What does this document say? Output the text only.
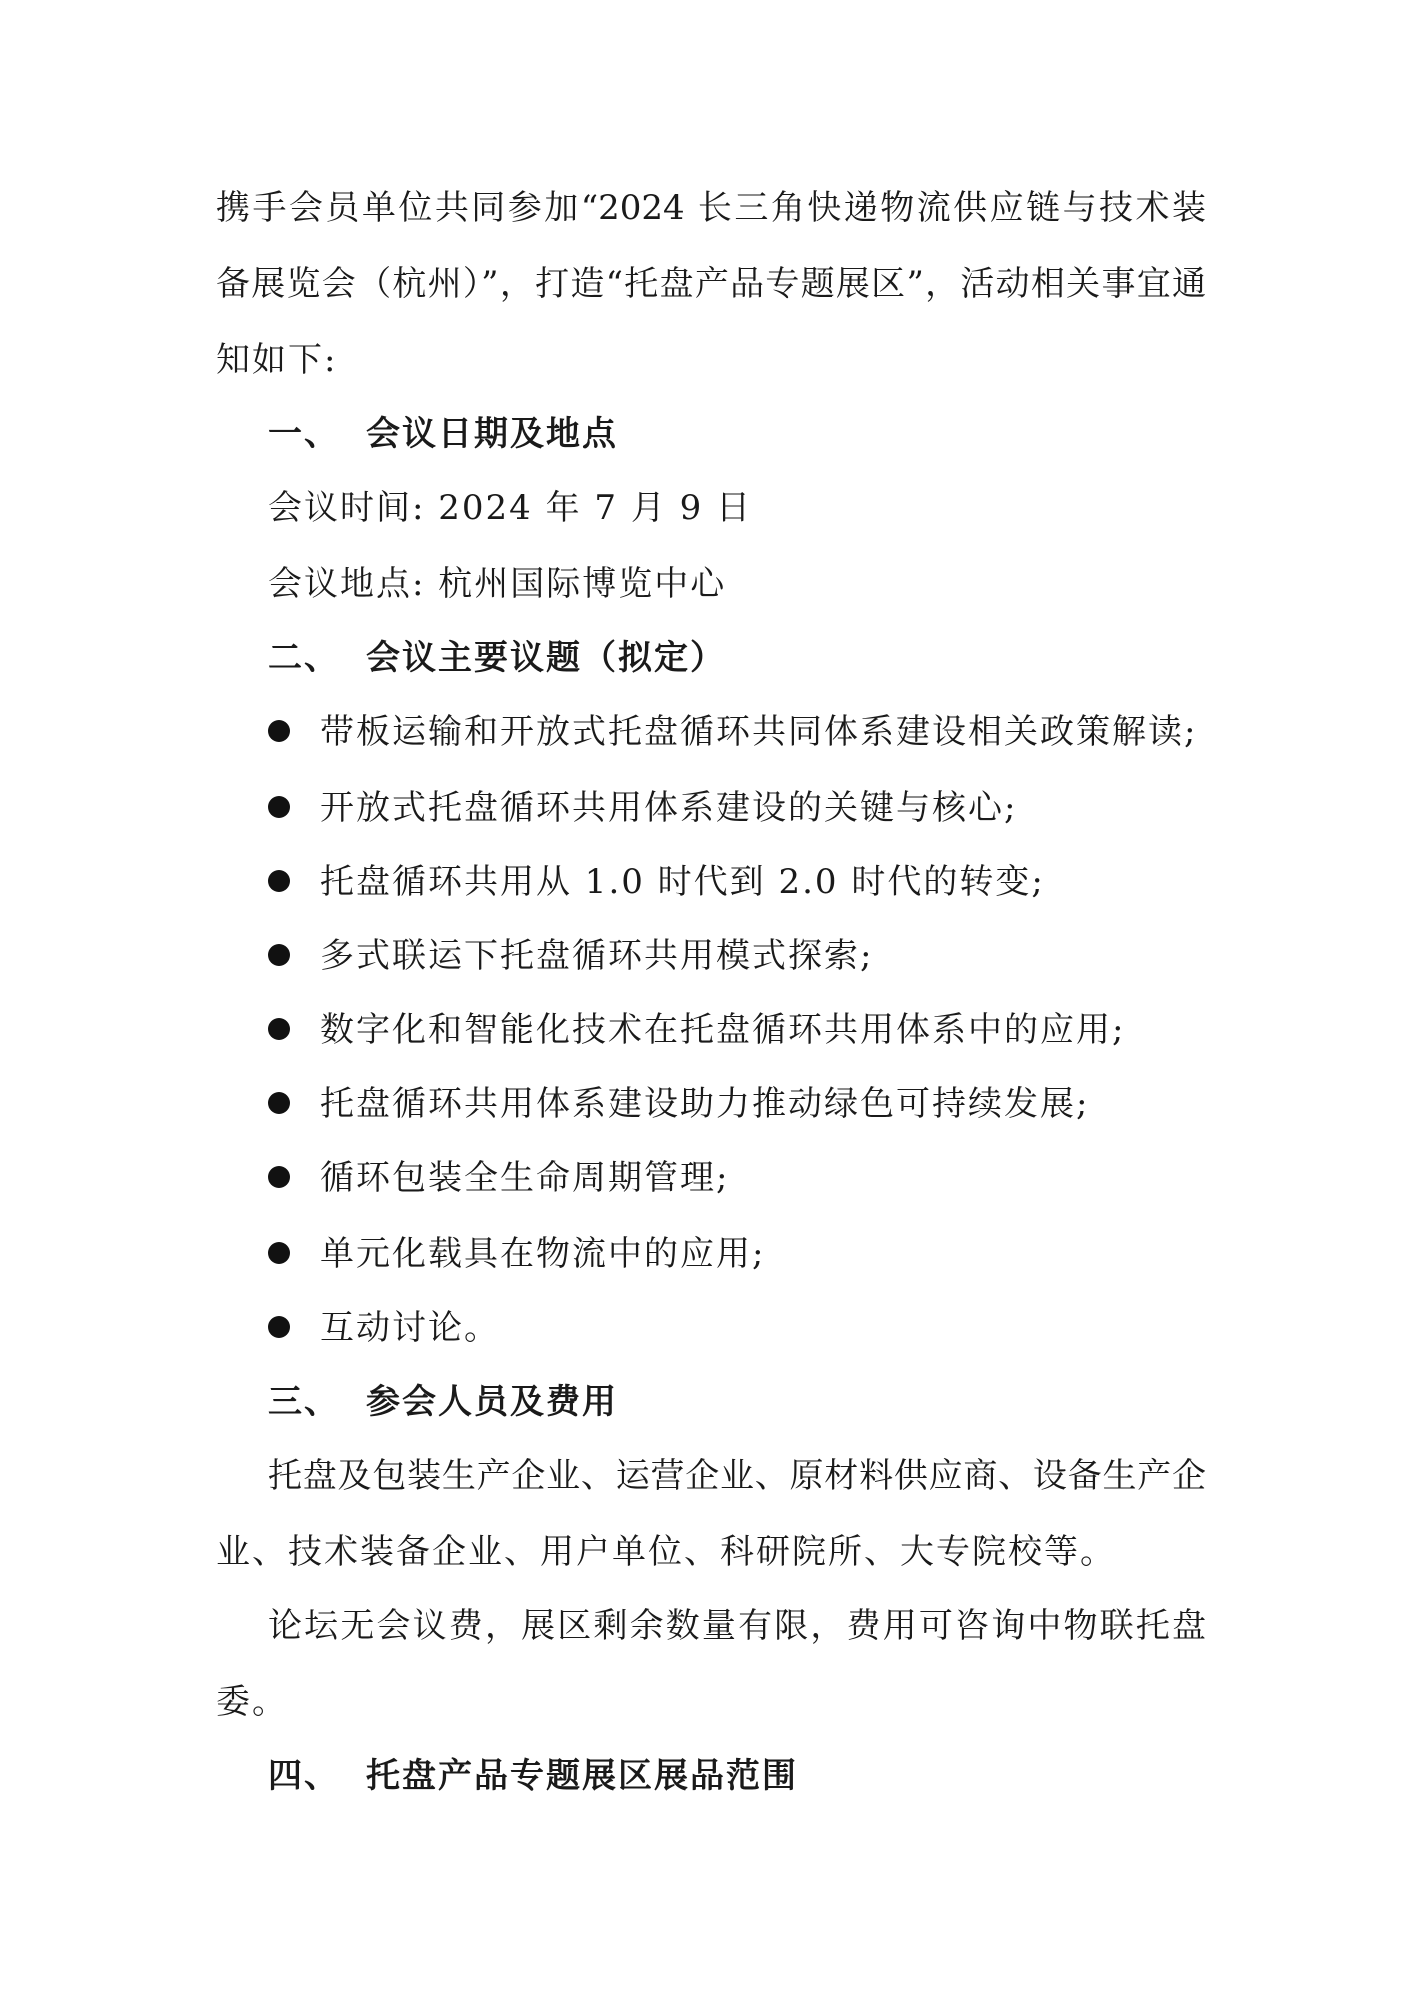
携手会员单位共同参加“2024 长三角快递物流供应链与技术装
备展览会（杭州）”，打造“托盘产品专题展区”，活动相关事宜通
知如下:
一、 会议日期及地点
会议时间: 2024 年 7 月 9 日
会议地点: 杭州国际博览中心
二、 会议主要议题（拟定）
带板运输和开放式托盘循环共同体系建设相关政策解读;
开放式托盘循环共用体系建设的关键与核心;
托盘循环共用从 1.0 时代到 2.0 时代的转变;
多式联运下托盘循环共用模式探索;
数字化和智能化技术在托盘循环共用体系中的应用;
托盘循环共用体系建设助力推动绿色可持续发展;
循环包装全生命周期管理;
单元化载具在物流中的应用;
互动讨论。
三、 参会人员及费用
托盘及包装生产企业、运营企业、原材料供应商、设备生产企
业、技术装备企业、用户单位、科研院所、大专院校等。
论坛无会议费，展区剩余数量有限，费用可咨询中物联托盘
委。
四、 托盘产品专题展区展品范围
